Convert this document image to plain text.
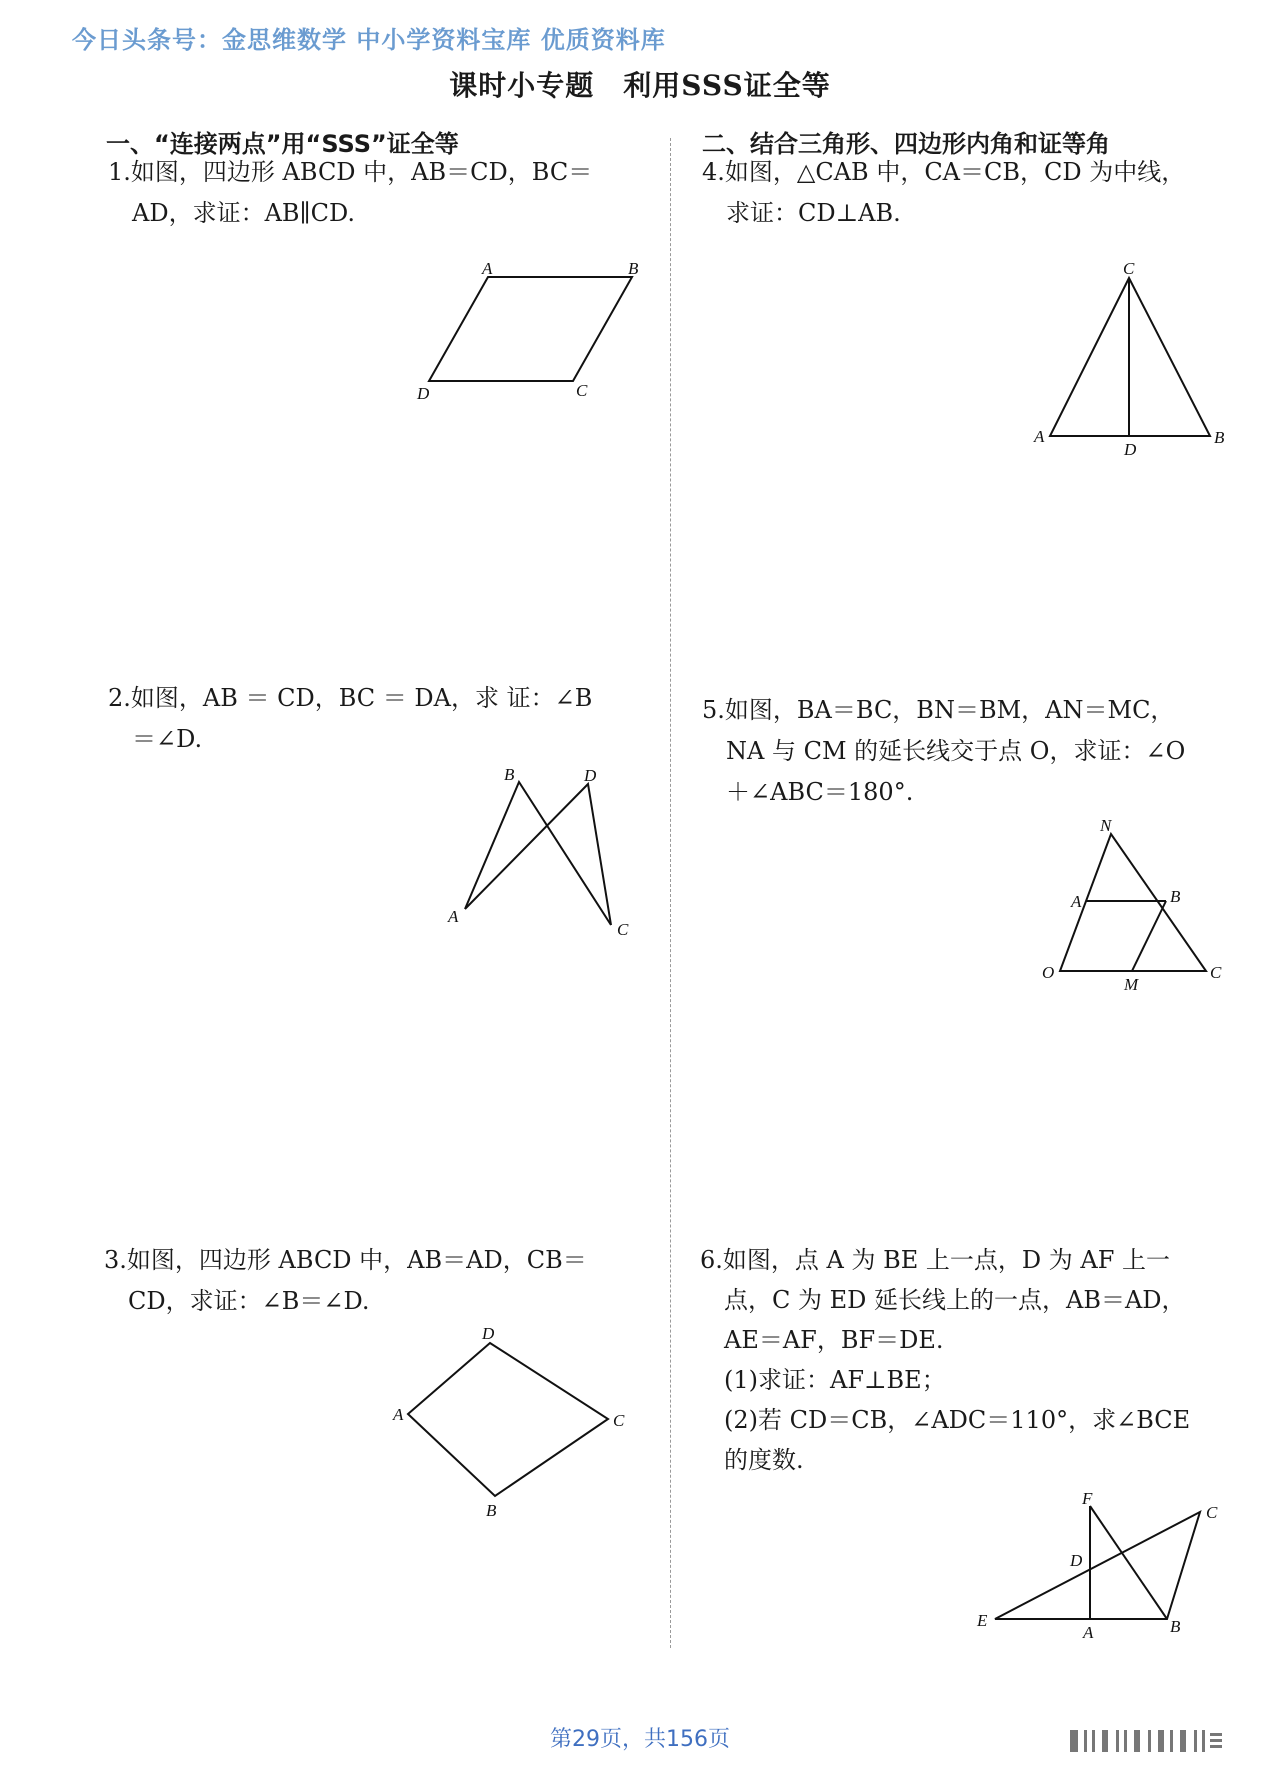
今日头条号：金思维数学 中小学资料宝库 优质资料库
课时小专题　利用SSS证全等
一、“连接两点”用“SSS”证全等

1.如图，四边形 ABCD 中，AB＝CD，BC＝

AD，求证：AB∥CD.

A	B
C
D

2.如图，AB ＝ CD，BC ＝ DA，求 证：∠B

＝∠D.

B	D
A
C

3.如图，四边形 ABCD 中，AB＝AD，CB＝

CD，求证：∠B＝∠D.

D
A	C
B
二、结合三角形、四边形内角和证等角

4.如图，△CAB 中，CA＝CB，CD 为中线，

求证：CD⊥AB.

C
A	B
D

5.如图，BA＝BC，BN＝BM，AN＝MC，

NA 与 CM 的延长线交于点 O，求证：∠O

＋∠ABC＝180°.

N
A	B
O
M
C

6.如图，点 A 为 BE 上一点，D 为 AF 上一

点，C 为 ED 延长线上的一点，AB＝AD，

AE＝AF，BF＝DE.

(1)求证：AF⊥BE；

(2)若 CD＝CB，∠ADC＝110°，求∠BCE

的度数.

F
C
D
E
A	B
第29页，共156页
